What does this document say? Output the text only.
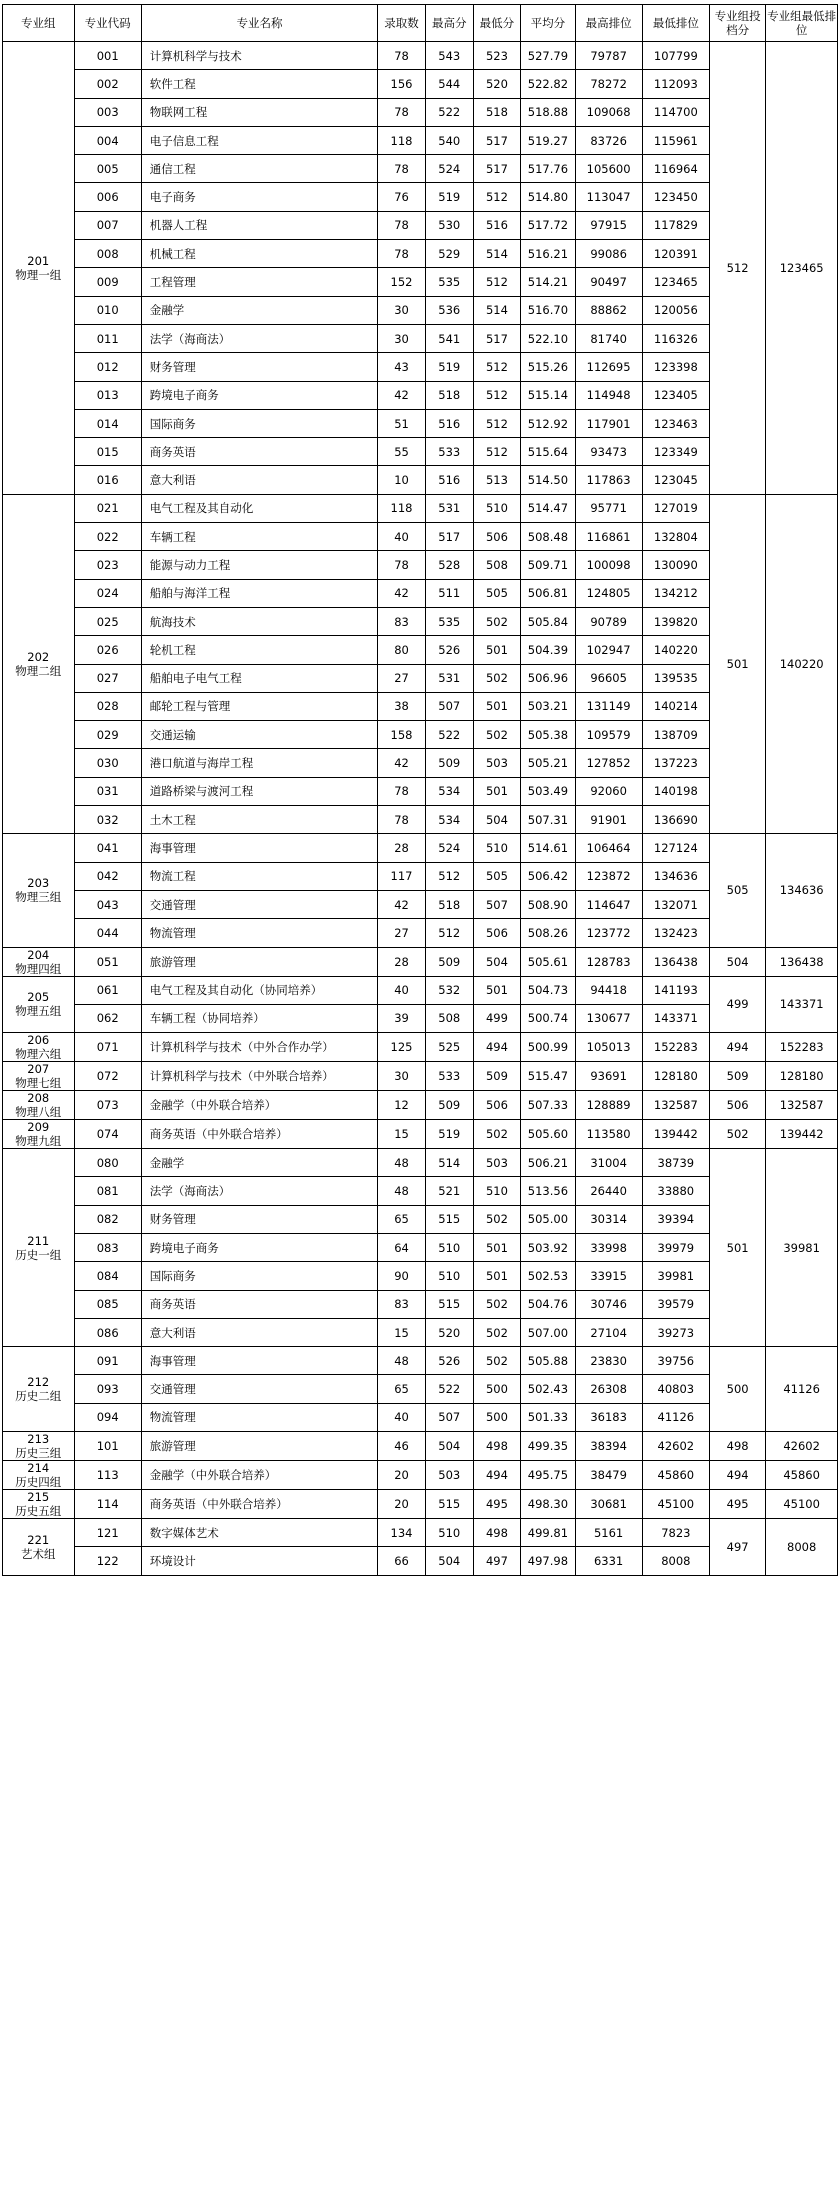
专业组	专业代码	专业名称	录取数	最高分	最低分	平均分	最高排位	最低排位	专业组投档分	专业组最低排位
201
物理一组	001	计算机科学与技术	78	543	523	527.79	79787	107799	512	123465
	002	软件工程	156	544	520	522.82	78272	112093		
	003	物联网工程	78	522	518	518.88	109068	114700		
	004	电子信息工程	118	540	517	519.27	83726	115961		
	005	通信工程	78	524	517	517.76	105600	116964		
	006	电子商务	76	519	512	514.80	113047	123450		
	007	机器人工程	78	530	516	517.72	97915	117829		
	008	机械工程	78	529	514	516.21	99086	120391		
	009	工程管理	152	535	512	514.21	90497	123465		
	010	金融学	30	536	514	516.70	88862	120056		
	011	法学（海商法）	30	541	517	522.10	81740	116326		
	012	财务管理	43	519	512	515.26	112695	123398		
	013	跨境电子商务	42	518	512	515.14	114948	123405		
	014	国际商务	51	516	512	512.92	117901	123463		
	015	商务英语	55	533	512	515.64	93473	123349		
	016	意大利语	10	516	513	514.50	117863	123045		
202
物理二组	021	电气工程及其自动化	118	531	510	514.47	95771	127019	501	140220
	022	车辆工程	40	517	506	508.48	116861	132804		
	023	能源与动力工程	78	528	508	509.71	100098	130090		
	024	船舶与海洋工程	42	511	505	506.81	124805	134212		
	025	航海技术	83	535	502	505.84	90789	139820		
	026	轮机工程	80	526	501	504.39	102947	140220		
	027	船舶电子电气工程	27	531	502	506.96	96605	139535		
	028	邮轮工程与管理	38	507	501	503.21	131149	140214		
	029	交通运输	158	522	502	505.38	109579	138709		
	030	港口航道与海岸工程	42	509	503	505.21	127852	137223		
	031	道路桥梁与渡河工程	78	534	501	503.49	92060	140198		
	032	土木工程	78	534	504	507.31	91901	136690		
203
物理三组	041	海事管理	28	524	510	514.61	106464	127124	505	134636
	042	物流工程	117	512	505	506.42	123872	134636		
	043	交通管理	42	518	507	508.90	114647	132071		
	044	物流管理	27	512	506	508.26	123772	132423		
204
物理四组	051	旅游管理	28	509	504	505.61	128783	136438	504	136438
205
物理五组	061	电气工程及其自动化（协同培养）	40	532	501	504.73	94418	141193	499	143371
	062	车辆工程（协同培养）	39	508	499	500.74	130677	143371		
206
物理六组	071	计算机科学与技术（中外合作办学）	125	525	494	500.99	105013	152283	494	152283
207
物理七组	072	计算机科学与技术（中外联合培养）	30	533	509	515.47	93691	128180	509	128180
208
物理八组	073	金融学（中外联合培养）	12	509	506	507.33	128889	132587	506	132587
209
物理九组	074	商务英语（中外联合培养）	15	519	502	505.60	113580	139442	502	139442
211
历史一组	080	金融学	48	514	503	506.21	31004	38739	501	39981
	081	法学（海商法）	48	521	510	513.56	26440	33880		
	082	财务管理	65	515	502	505.00	30314	39394		
	083	跨境电子商务	64	510	501	503.92	33998	39979		
	084	国际商务	90	510	501	502.53	33915	39981		
	085	商务英语	83	515	502	504.76	30746	39579		
	086	意大利语	15	520	502	507.00	27104	39273		
212
历史二组	091	海事管理	48	526	502	505.88	23830	39756	500	41126
	093	交通管理	65	522	500	502.43	26308	40803		
	094	物流管理	40	507	500	501.33	36183	41126		
213
历史三组	101	旅游管理	46	504	498	499.35	38394	42602	498	42602
214
历史四组	113	金融学（中外联合培养）	20	503	494	495.75	38479	45860	494	45860
215
历史五组	114	商务英语（中外联合培养）	20	515	495	498.30	30681	45100	495	45100
221
艺术组	121	数字媒体艺术	134	510	498	499.81	5161	7823	497	8008
	122	环境设计	66	504	497	497.98	6331	8008		
